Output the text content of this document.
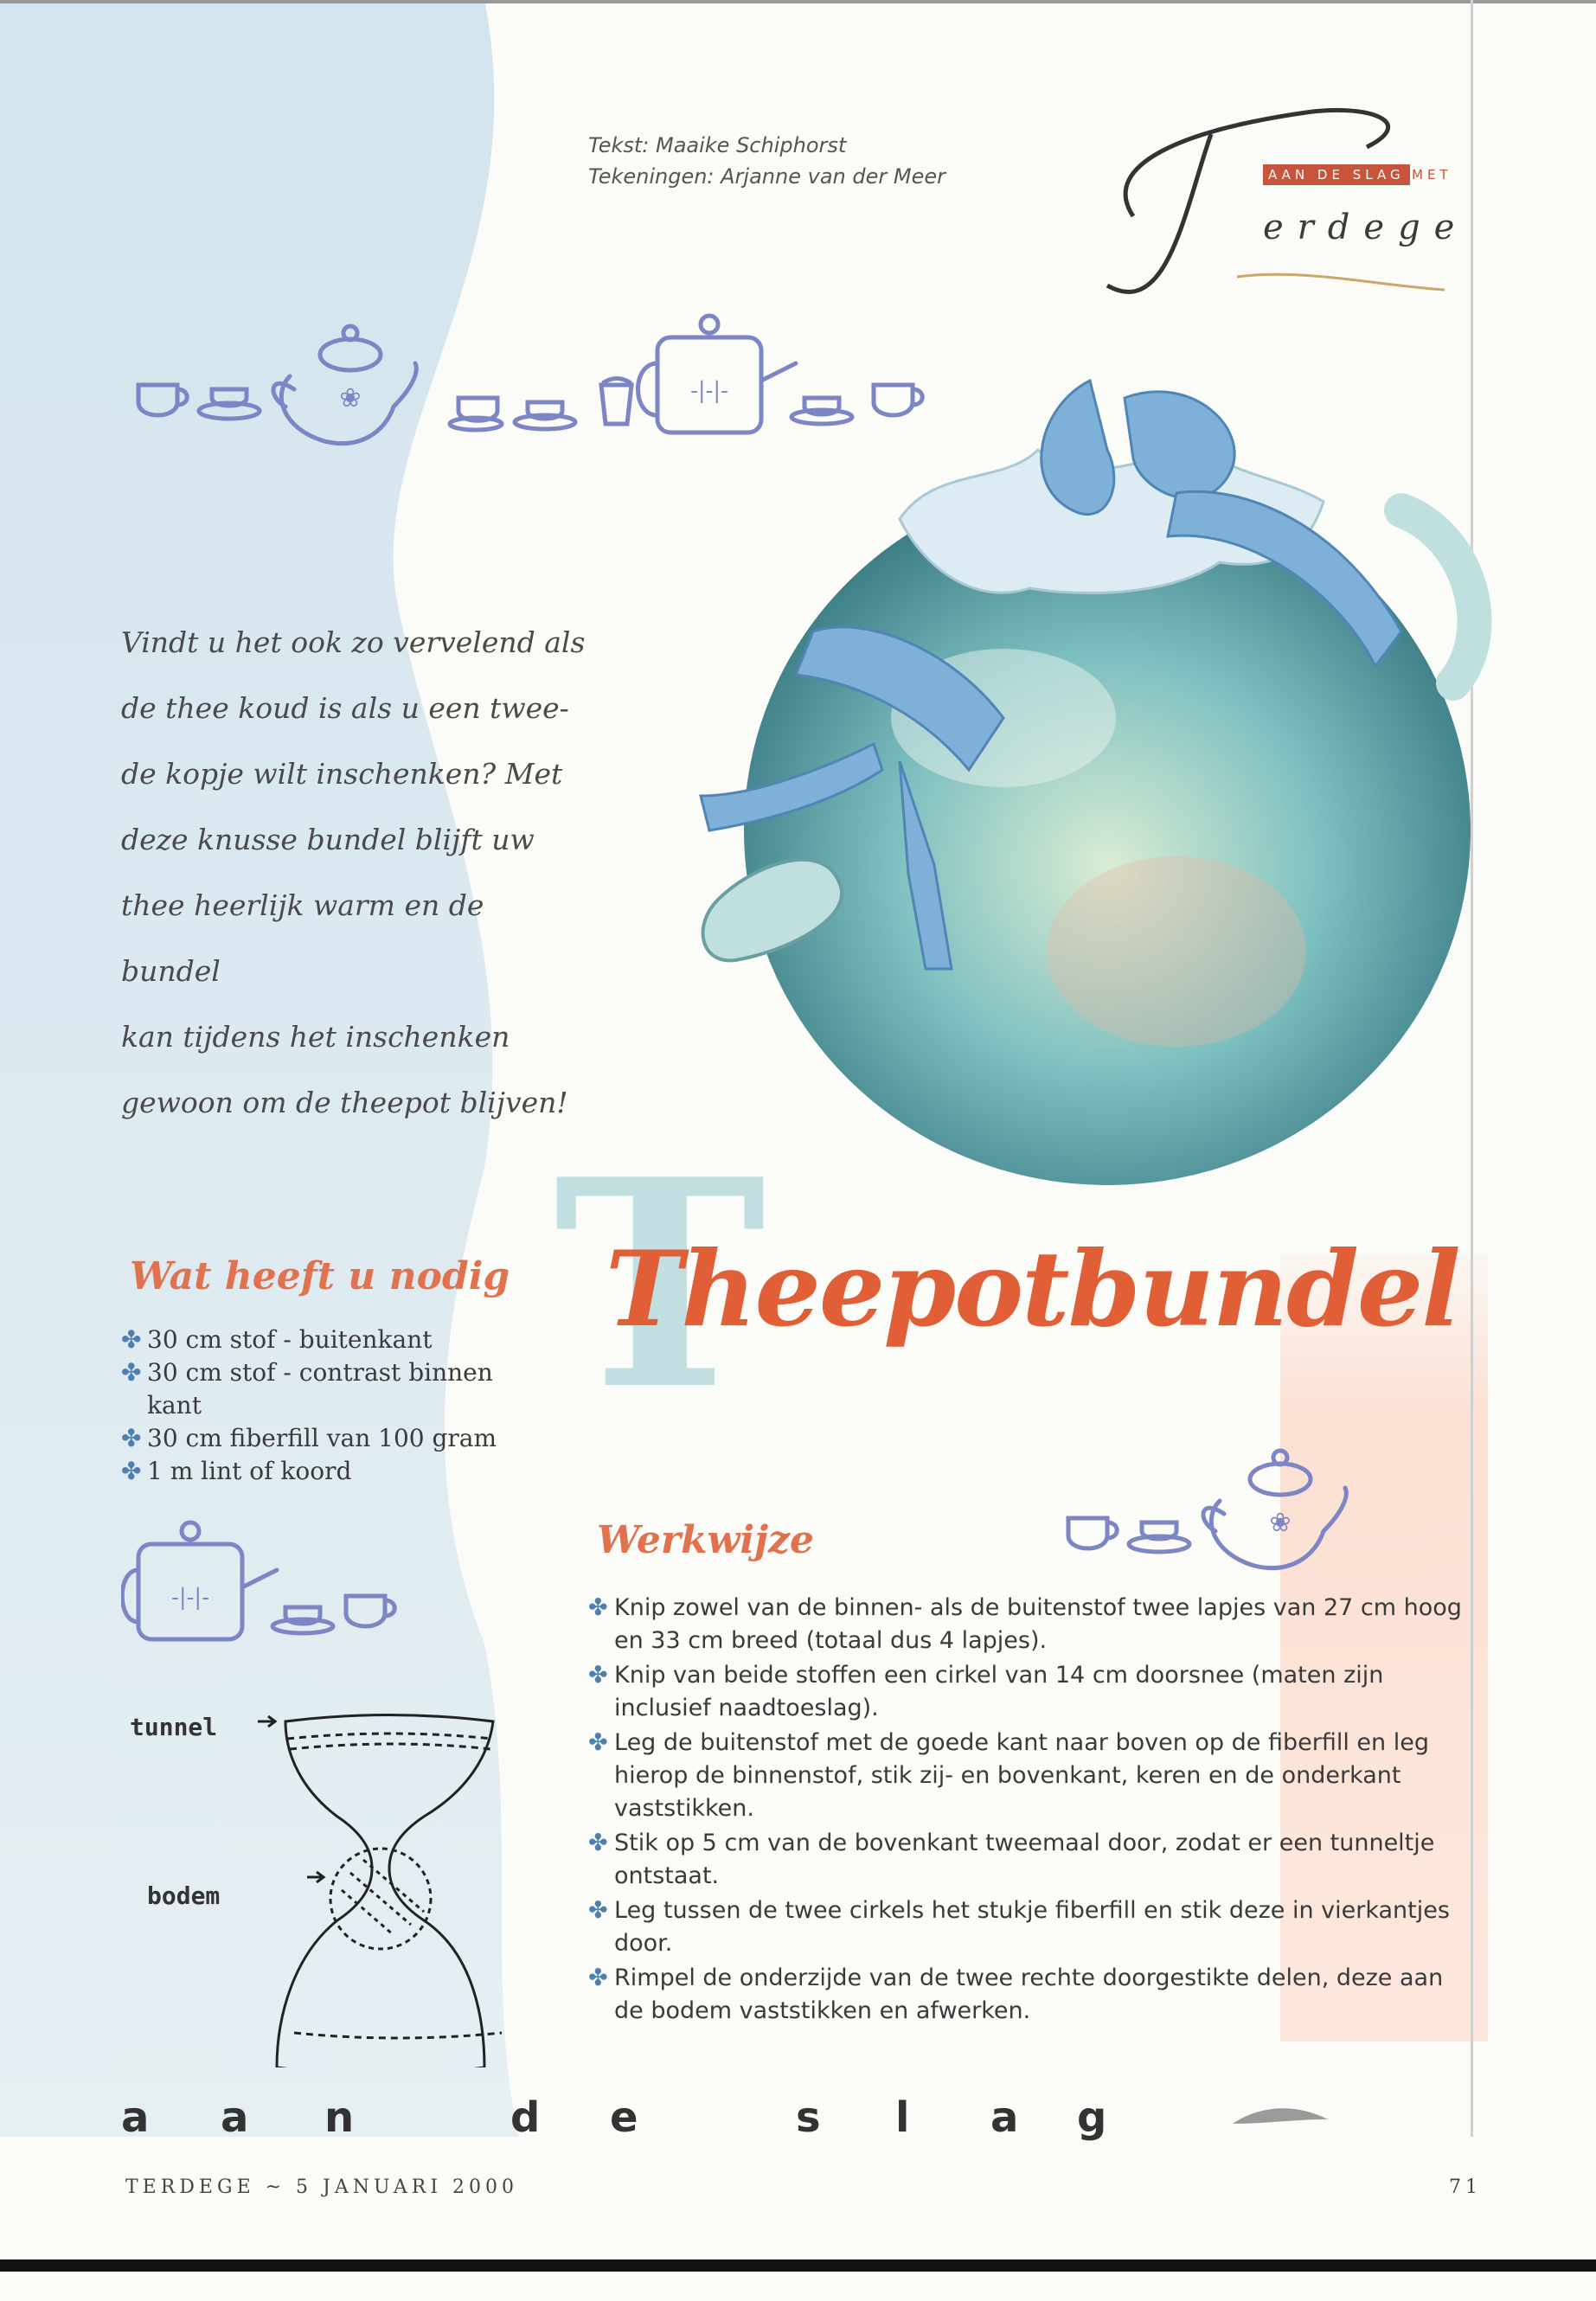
Tekst: Maaike Schiphorst
Tekeningen: Arjanne van der Meer	AAN DE SLAG MET
erdege
❀	-|-|-

Vindt u het ook zo vervelend als

de thee koud is als u een twee-

de kopje wilt inschenken? Met

deze knusse bundel blijft uw

thee heerlijk warm en de bundel

kan tijdens het inschenken

gewoon om de theepot blijven!

T
Theepotbundel
Wat heeft u nodig
✤ 30 cm stof - buitenkant
✤ 30 cm stof - contrast binnen kant
✤ 30 cm fiberfill van 100 gram
✤ 1 m lint of koord
-|-|-
❀
Werkwijze
✤ Knip zowel van de binnen- als de buitenstof twee lapjes van 27 cm hoog en 33 cm breed (totaal dus 4 lapjes).
✤ Knip van beide stoffen een cirkel van 14 cm doorsnee (maten zijn inclusief naadtoeslag).
✤ Leg de buitenstof met de goede kant naar boven op de fiberfill en leg hierop de binnenstof, stik zij- en bovenkant, keren en de onderkant vaststikken.
✤ Stik op 5 cm van de bovenkant tweemaal door, zodat er een tunneltje ontstaat.
✤ Leg tussen de twee cirkels het stukje fiberfill en stik deze in vierkantjes door.
✤ Rimpel de onderzijde van de twee rechte doorgestikte delen, deze aan de bodem vaststikken en afwerken.
tunnel
bodem
a a n	d e	s l a g
TERDEGE ~ 5 JANUARI 2000	71
